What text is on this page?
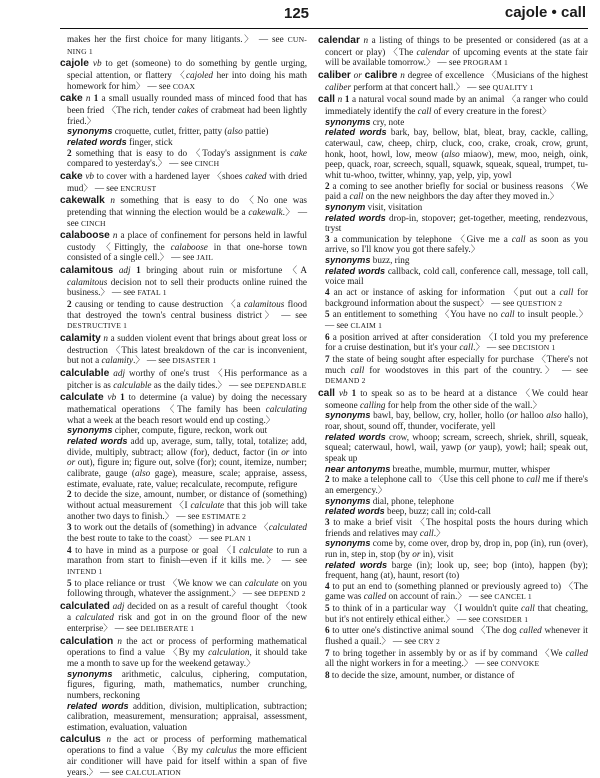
125	cajole • call
makes her the first choice for many litigants.〉 — see CUN-NING 1
cajole vb to get (someone) to do something by gentle urging, special attention, or flattery 〈cajoled her into doing his math homework for him〉 — see COAX
cake n 1 a small usually rounded mass of minced food that has been fried 〈The rich, tender cakes of crabmeat had been lightly fried.〉
synonyms croquette, cutlet, fritter, patty (also pattie)
related words finger, stick
2 something that is easy to do 〈Today's assignment is cake compared to yesterday's.〉 — see CINCH
cake vb to cover with a hardened layer 〈shoes caked with dried mud〉 — see ENCRUST
cakewalk n something that is easy to do 〈No one was pretending that winning the election would be a cakewalk.〉 — see CINCH
calaboose n a place of confinement for persons held in lawful custody 〈Fittingly, the calaboose in that one-horse town consisted of a single cell.〉 — see JAIL
calamitous adj 1 bringing about ruin or misfortune 〈A calamitous decision not to sell their products online ruined the business.〉 — see FATAL 1
2 causing or tending to cause destruction 〈a calamitous flood that destroyed the town's central business district〉 — see DESTRUCTIVE 1
calamity n a sudden violent event that brings about great loss or destruction 〈This latest breakdown of the car is inconvenient, but not a calamity.〉 — see DISASTER 1
calculable adj worthy of one's trust 〈His performance as a pitcher is as calculable as the daily tides.〉 — see DEPENDABLE
calculate vb 1 to determine (a value) by doing the necessary mathematical operations 〈The family has been calculating what a week at the beach resort would end up costing.〉
synonyms cipher, compute, figure, reckon, work out
related words add up, average, sum, tally, total, totalize; add, divide, multiply, subtract; allow (for), deduct, factor (in or into or out), figure in; figure out, solve (for); count, itemize, number; calibrate, gauge (also gage), measure, scale; appraise, assess, estimate, evaluate, rate, value; recalculate, recompute, refigure
2 to decide the size, amount, number, or distance of (something) without actual measurement 〈I calculate that this job will take another two days to finish.〉 — see ESTIMATE 2
3 to work out the details of (something) in advance 〈calculated the best route to take to the coast〉 — see PLAN 1
4 to have in mind as a purpose or goal 〈I calculate to run a marathon from start to finish—even if it kills me.〉 — see INTEND 1
5 to place reliance or trust 〈We know we can calculate on you following through, whatever the assignment.〉 — see DEPEND 2
calculated adj decided on as a result of careful thought 〈took a calculated risk and got in on the ground floor of the new enterprise〉 — see DELIBERATE 1
calculation n the act or process of performing mathematical operations to find a value 〈By my calculation, it should take me a month to save up for the weekend getaway.〉
synonyms arithmetic, calculus, ciphering, computation, figures, figuring, math, mathematics, number crunching, numbers, reckoning
related words addition, division, multiplication, subtraction; calibration, measurement, mensuration; appraisal, assessment, estimation, evaluation, valuation
calculus n the act or process of performing mathematical operations to find a value 〈By my calculus the more efficient air conditioner will have paid for itself within a span of five years.〉 — see CALCULATION
calendar n a listing of things to be presented or considered (as at a concert or play) 〈The calendar of upcoming events at the state fair will be available tomorrow.〉 — see PROGRAM 1
caliber or calibre n degree of excellence 〈Musicians of the highest caliber perform at that concert hall.〉 — see QUALITY 1
call n 1 a natural vocal sound made by an animal 〈a ranger who could immediately identify the call of every creature in the forest〉
synonyms cry, note
related words bark, bay, bellow, blat, bleat, bray, cackle, calling, caterwaul, caw, cheep, chirp, cluck, coo, crake, croak, crow, grunt, honk, hoot, howl, low, meow (also miaow), mew, moo, neigh, oink, peep, quack, roar, screech, squall, squawk, squeak, squeal, trumpet, tu-whit tu-whoo, twitter, whinny, yap, yelp, yip, yowl
2 a coming to see another briefly for social or business reasons 〈We paid a call on the new neighbors the day after they moved in.〉
synonym visit, visitation
related words drop-in, stopover; get-together, meeting, rendezvous, tryst
3 a communication by telephone 〈Give me a call as soon as you arrive, so I'll know you got there safely.〉
synonyms buzz, ring
related words callback, cold call, conference call, message, toll call, voice mail
4 an act or instance of asking for information 〈put out a call for background information about the suspect〉 — see QUESTION 2
5 an entitlement to something 〈You have no call to insult people.〉 — see CLAIM 1
6 a position arrived at after consideration 〈I told you my preference for a cruise destination, but it's your call.〉 — see DECISION 1
7 the state of being sought after especially for purchase 〈There's not much call for woodstoves in this part of the country.〉 — see DEMAND 2
call vb 1 to speak so as to be heard at a distance 〈We could hear someone calling for help from the other side of the wall.〉
synonyms bawl, bay, bellow, cry, holler, hollo (or halloo also hallo), roar, shout, sound off, thunder, vociferate, yell
related words crow, whoop; scream, screech, shriek, shrill, squeak, squeal; caterwaul, howl, wail, yawp (or yaup), yowl; hail; speak out, speak up
near antonyms breathe, mumble, murmur, mutter, whisper
2 to make a telephone call to 〈Use this cell phone to call me if there's an emergency.〉
synonyms dial, phone, telephone
related words beep, buzz; call in; cold-call
3 to make a brief visit 〈The hospital posts the hours during which friends and relatives may call.〉
synonyms come by, come over, drop by, drop in, pop (in), run (over), run in, step in, stop (by or in), visit
related words barge (in); look up, see; bop (into), happen (by); frequent, hang (at), haunt, resort (to)
4 to put an end to (something planned or previously agreed to) 〈The game was called on account of rain.〉 — see CANCEL 1
5 to think of in a particular way 〈I wouldn't quite call that cheating, but it's not entirely ethical either.〉 — see CONSIDER 1
6 to utter one's distinctive animal sound 〈The dog called whenever it flushed a quail.〉 — see CRY 2
7 to bring together in assembly by or as if by command 〈We called all the night workers in for a meeting.〉 — see CONVOKE
8 to decide the size, amount, number, or distance of
